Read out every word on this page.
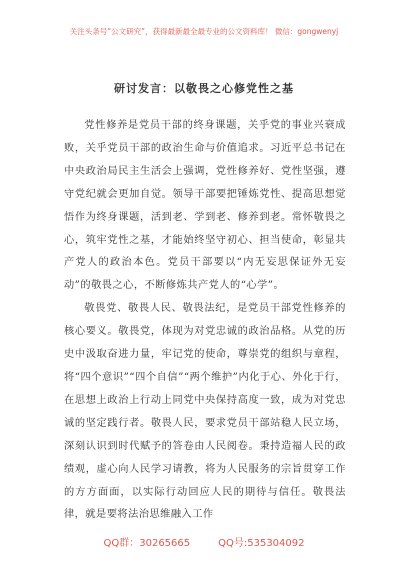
关注头条号“公文研究”，获得最新最全最专业的公文资料库！ 微信：gongwenyj
研讨发言：以敬畏之心修党性之基

党性修养是党员干部的终身课题，关乎党的事业兴衰成败，关乎党员干部的政治生命与价值追求。习近平总书记在中央政治局民主生活会上强调，党性修养好、党性坚强，遵守党纪就会更加自觉。领导干部要把锤炼党性、提高思想觉悟作为终身课题，活到老、学到老、修养到老。常怀敬畏之心，筑牢党性之基，才能始终坚守初心、担当使命，彰显共产党人的政治本色。党员干部要以“内无妄思保证外无妄动”的敬畏之心，不断修炼共产党人的“心学”。

敬畏党、敬畏人民、敬畏法纪，是党员干部党性修养的核心要义。敬畏党，体现为对党忠诚的政治品格。从党的历史中汲取奋进力量，牢记党的使命，尊崇党的组织与章程，将“四个意识”“四个自信”“两个维护”内化于心、外化于行，在思想上政治上行动上同党中央保持高度一致，成为对党忠诚的坚定践行者。敬畏人民，要求党员干部站稳人民立场，深刻认识到时代赋予的答卷由人民阅卷。秉持造福人民的政绩观，虚心向人民学习请教，将为人民服务的宗旨贯穿工作的方方面面，以实际行动回应人民的期待与信任。敬畏法律，就是要将法治思维融入工作

QQ群：30265665	QQ号:535304092
